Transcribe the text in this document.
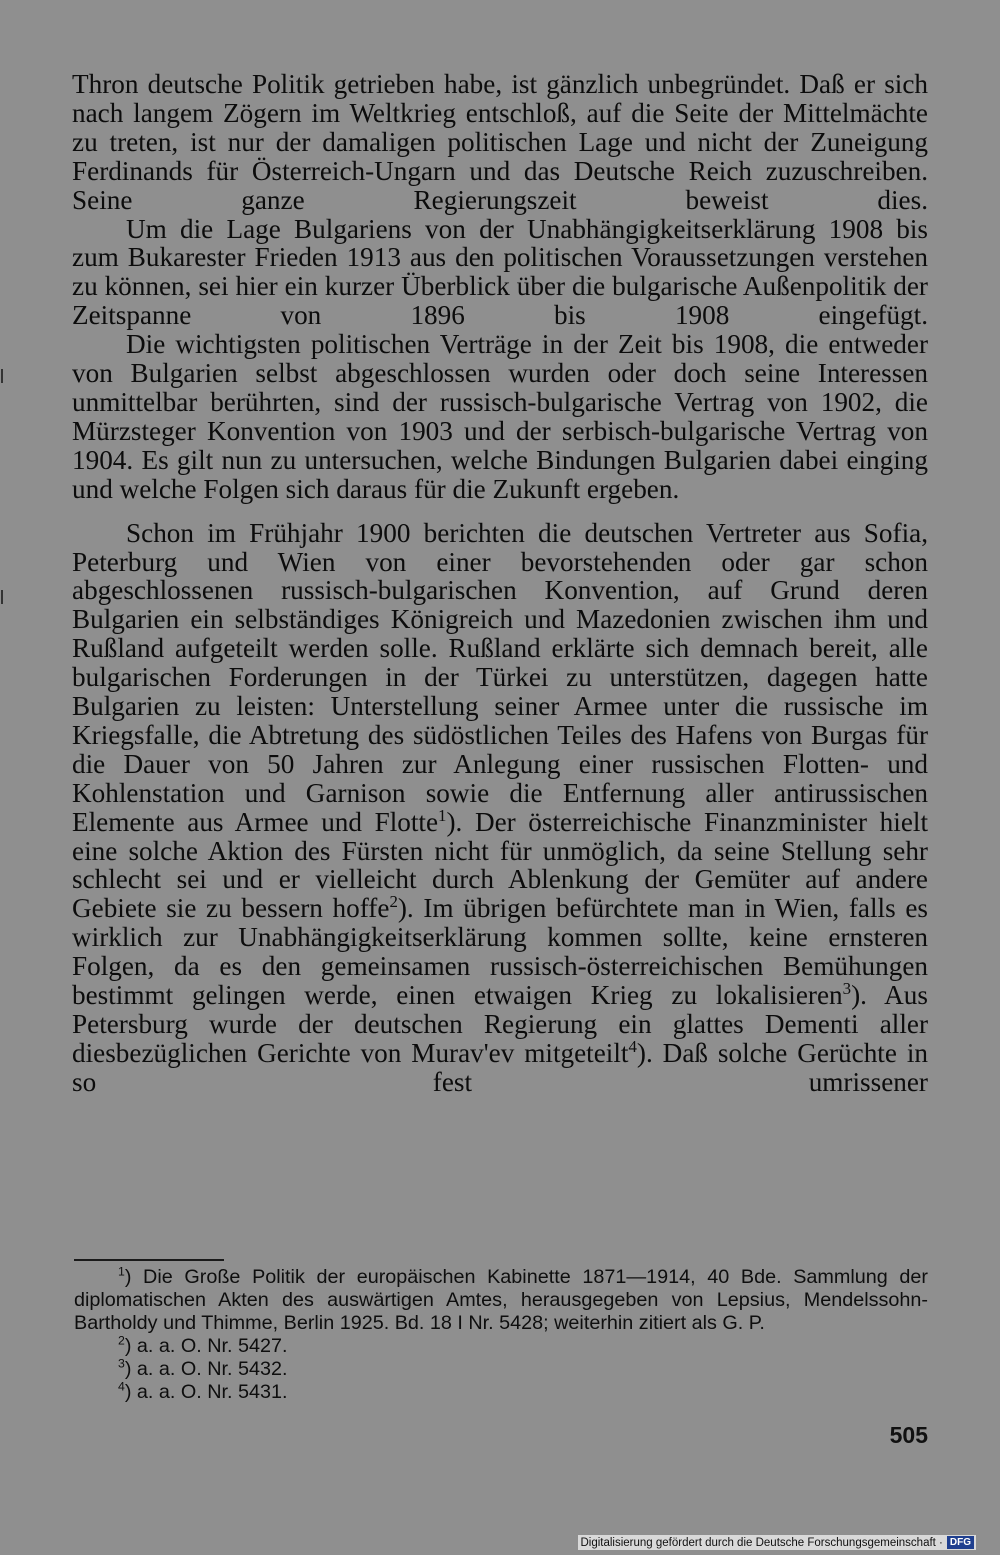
Thron deutsche Politik getrieben habe, ist gänzlich unbegründet. Daß er sich nach langem Zögern im Weltkrieg entschloß, auf die Seite der Mittelmächte zu treten, ist nur der damaligen politischen Lage und nicht der Zuneigung Ferdinands für Österreich-Ungarn und das Deutsche Reich zuzuschreiben. Seine ganze Regierungszeit beweist dies.

Um die Lage Bulgariens von der Unabhängigkeitserklärung 1908 bis zum Bukarester Frieden 1913 aus den politischen Voraussetzungen verstehen zu können, sei hier ein kurzer Überblick über die bulgarische Außenpolitik der Zeitspanne von 1896 bis 1908 eingefügt.

Die wichtigsten politischen Verträge in der Zeit bis 1908, die entweder von Bulgarien selbst abgeschlossen wurden oder doch seine Interessen unmittelbar berührten, sind der russisch-bulgarische Vertrag von 1902, die Mürzsteger Konvention von 1903 und der serbisch-bulgarische Vertrag von 1904. Es gilt nun zu untersuchen, welche Bindungen Bulgarien dabei einging und welche Folgen sich daraus für die Zukunft ergeben.

Schon im Frühjahr 1900 berichten die deutschen Vertreter aus Sofia, Peterburg und Wien von einer bevorstehenden oder gar schon abgeschlossenen russisch-bulgarischen Konvention, auf Grund deren Bulgarien ein selbständiges Königreich und Mazedonien zwischen ihm und Rußland aufgeteilt werden solle. Rußland erklärte sich demnach bereit, alle bulgarischen Forderungen in der Türkei zu unterstützen, dagegen hatte Bulgarien zu leisten: Unterstellung seiner Armee unter die russische im Kriegsfalle, die Abtretung des südöstlichen Teiles des Hafens von Burgas für die Dauer von 50 Jahren zur Anlegung einer russischen Flotten- und Kohlenstation und Garnison sowie die Entfernung aller antirussischen Elemente aus Armee und Flotte$^1$). Der österreichische Finanzminister hielt eine solche Aktion des Fürsten nicht für unmöglich, da seine Stellung sehr schlecht sei und er vielleicht durch Ablenkung der Gemüter auf andere Gebiete sie zu bessern hoffe$^2$). Im übrigen befürchtete man in Wien, falls es wirklich zur Unabhängigkeitserklärung kommen sollte, keine ernsteren Folgen, da es den gemeinsamen russisch-österreichischen Bemühungen bestimmt gelingen werde, einen etwaigen Krieg zu lokalisieren$^3$). Aus Petersburg wurde der deutschen Regierung ein glattes Dementi aller diesbezüglichen Gerichte von Murav'ev mitgeteilt$^4$). Daß solche Gerüchte in so fest umrissener

$^1$) Die Große Politik der europäischen Kabinette 1871—1914, 40 Bde. Sammlung der diplomatischen Akten des auswärtigen Amtes, herausgegeben von Lepsius, Mendelssohn-Bartholdy und Thimme, Berlin 1925. Bd. 18 I Nr. 5428; weiterhin zitiert als G. P.

$^2$) a. a. O. Nr. 5427.

$^3$) a. a. O. Nr. 5432.

$^4$) a. a. O. Nr. 5431.

505
Digitalisierung gefördert durch die Deutsche Forschungsgemeinschaft · DFG
